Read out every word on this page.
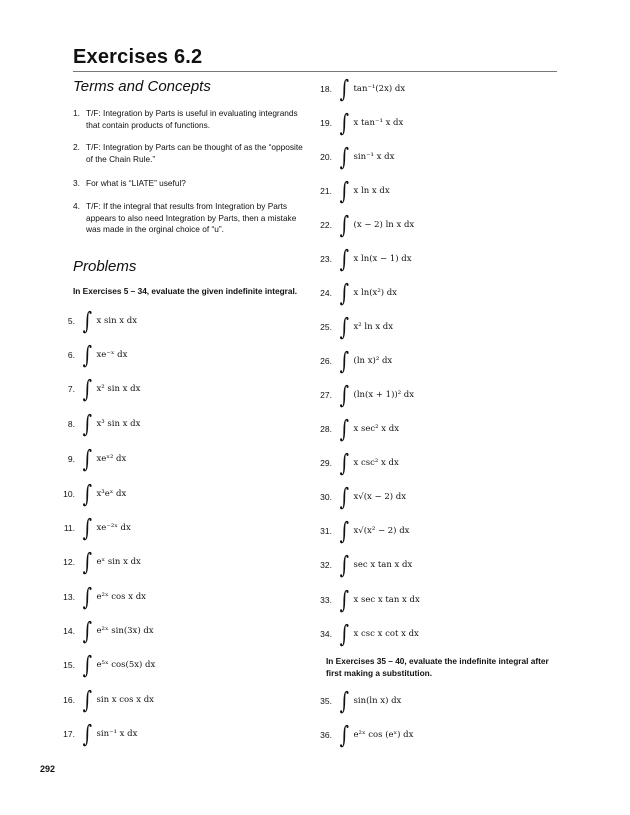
Exercises 6.2
Terms and Concepts
1. T/F: Integration by Parts is useful in evaluating integrands that contain products of functions.
2. T/F: Integration by Parts can be thought of as the “opposite of the Chain Rule.”
3. For what is “LIATE” useful?
4. T/F: If the integral that results from Integration by Parts appears to also need Integration by Parts, then a mistake was made in the orginal choice of “u”.
Problems
In Exercises 5 – 34, evaluate the given indefinite integral.
5. ∫ x sin x dx
6. ∫ xe⁻ˣ dx
7. ∫ x² sin x dx
8. ∫ x³ sin x dx
9. ∫ xeˣ² dx
10. ∫ x³eˣ dx
11. ∫ xe⁻²ˣ dx
12. ∫ eˣ sin x dx
13. ∫ e²ˣ cos x dx
14. ∫ e²ˣ sin(3x) dx
15. ∫ e⁵ˣ cos(5x) dx
16. ∫ sin x cos x dx
17. ∫ sin⁻¹ x dx
18. ∫ tan⁻¹(2x) dx
19. ∫ x tan⁻¹ x dx
20. ∫ sin⁻¹ x dx
21. ∫ x ln x dx
22. ∫ (x − 2) ln x dx
23. ∫ x ln(x − 1) dx
24. ∫ x ln(x²) dx
25. ∫ x² ln x dx
26. ∫ (ln x)² dx
27. ∫ (ln(x + 1))² dx
28. ∫ x sec² x dx
29. ∫ x csc² x dx
30. ∫ x√(x − 2) dx
31. ∫ x√(x² − 2) dx
32. ∫ sec x tan x dx
33. ∫ x sec x tan x dx
34. ∫ x csc x cot x dx
In Exercises 35 – 40, evaluate the indefinite integral after first making a substitution.
35. ∫ sin(ln x) dx
36. ∫ e²ˣ cos (eˣ) dx
292
